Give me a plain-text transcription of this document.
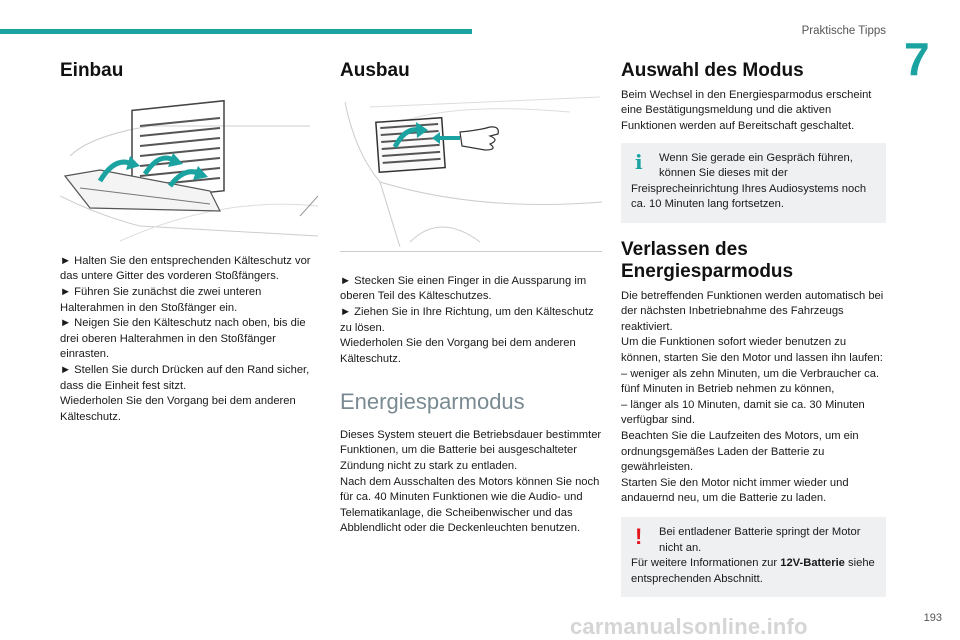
Praktische Tipps
7
Einbau

► Halten Sie den entsprechenden Kälteschutz vor das untere Gitter des vorderen Stoßfängers.

► Führen Sie zunächst die zwei unteren Halterahmen in den Stoßfänger ein.

► Neigen Sie den Kälteschutz nach oben, bis die drei oberen Halterahmen in den Stoßfänger einrasten.

► Stellen Sie durch Drücken auf den Rand sicher, dass die Einheit fest sitzt.

Wiederholen Sie den Vorgang bei dem anderen Kälteschutz.

Ausbau

► Stecken Sie einen Finger in die Aussparung im oberen Teil des Kälteschutzes.

► Ziehen Sie in Ihre Richtung, um den Kälteschutz zu lösen.

Wiederholen Sie den Vorgang bei dem anderen Kälteschutz.

Energiesparmodus

Dieses System steuert die Betriebsdauer bestimmter Funktionen, um die Batterie bei ausgeschalteter Zündung nicht zu stark zu entladen.

Nach dem Ausschalten des Motors können Sie noch für ca. 40 Minuten Funktionen wie die Audio- und Telematikanlage, die Scheibenwischer und das Abblendlicht oder die Deckenleuchten benutzen.

Auswahl des Modus

Beim Wechsel in den Energiesparmodus erscheint eine Bestätigungsmeldung und die aktiven Funktionen werden auf Bereitschaft geschaltet.

i	Wenn Sie gerade ein Gespräch führen,

können Sie dieses mit der

Freisprecheinrichtung Ihres Audiosystems noch ca. 10 Minuten lang fortsetzen.

Verlassen des Energiesparmodus

Die betreffenden Funktionen werden automatisch bei der nächsten Inbetriebnahme des Fahrzeugs reaktiviert.

Um die Funktionen sofort wieder benutzen zu können, starten Sie den Motor und lassen ihn laufen:

– weniger als zehn Minuten, um die Verbraucher ca. fünf Minuten in Betrieb nehmen zu können,

– länger als 10 Minuten, damit sie ca. 30 Minuten verfügbar sind.

Beachten Sie die Laufzeiten des Motors, um ein ordnungsgemäßes Laden der Batterie zu gewährleisten.

Starten Sie den Motor nicht immer wieder und andauernd neu, um die Batterie zu laden.

!	Bei entladener Batterie springt der Motor

nicht an.

Für weitere Informationen zur 12V-Batterie siehe entsprechenden Abschnitt.

carmanualsonline.info	193
